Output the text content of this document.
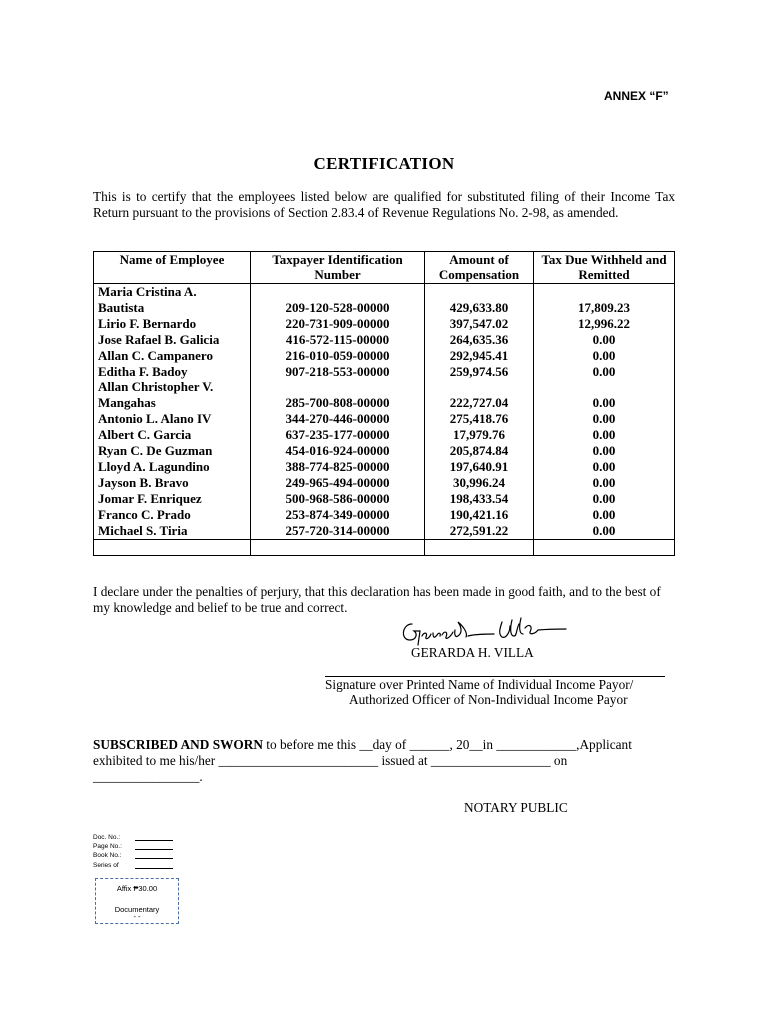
ANNEX “F”
CERTIFICATION
This is to certify that the employees listed below are qualified for substituted filing of their Income Tax Return pursuant to the provisions of Section 2.83.4 of Revenue Regulations No. 2-98, as amended.
Name of Employee	Taxpayer Identification Number	Amount of Compensation	Tax Due Withheld and Remitted
Maria Cristina A. Bautista	209-120-528-00000	429,633.80	17,809.23
Lirio F. Bernardo	220-731-909-00000	397,547.02	12,996.22
Jose Rafael B. Galicia	416-572-115-00000	264,635.36	0.00
Allan C. Campanero	216-010-059-00000	292,945.41	0.00
Editha F. Badoy	907-218-553-00000	259,974.56	0.00
Allan Christopher V. Mangahas	285-700-808-00000	222,727.04	0.00
Antonio L. Alano IV	344-270-446-00000	275,418.76	0.00
Albert C. Garcia	637-235-177-00000	17,979.76	0.00
Ryan C. De Guzman	454-016-924-00000	205,874.84	0.00
Lloyd A. Lagundino	388-774-825-00000	197,640.91	0.00
Jayson B. Bravo	249-965-494-00000	30,996.24	0.00
Jomar F. Enriquez	500-968-586-00000	198,433.54	0.00
Franco C. Prado	253-874-349-00000	190,421.16	0.00
Michael S. Tiria	257-720-314-00000	272,591.22	0.00

I declare under the penalties of perjury, that this declaration has been made in good faith, and to the best of my knowledge and belief to be true and correct.
GERARDA H. VILLA
Signature over Printed Name of Individual Income Payor/
Authorized Officer of Non-Individual Income Payor
SUBSCRIBED AND SWORN to before me this __day of ______, 20__in ____________,Applicant exhibited to me his/her ________________________ issued at __________________ on ________________.
NOTARY PUBLIC
Doc. No.:
Page No.:
Book No.:
Series of
Affix ₱30.00
Documentary
- -
